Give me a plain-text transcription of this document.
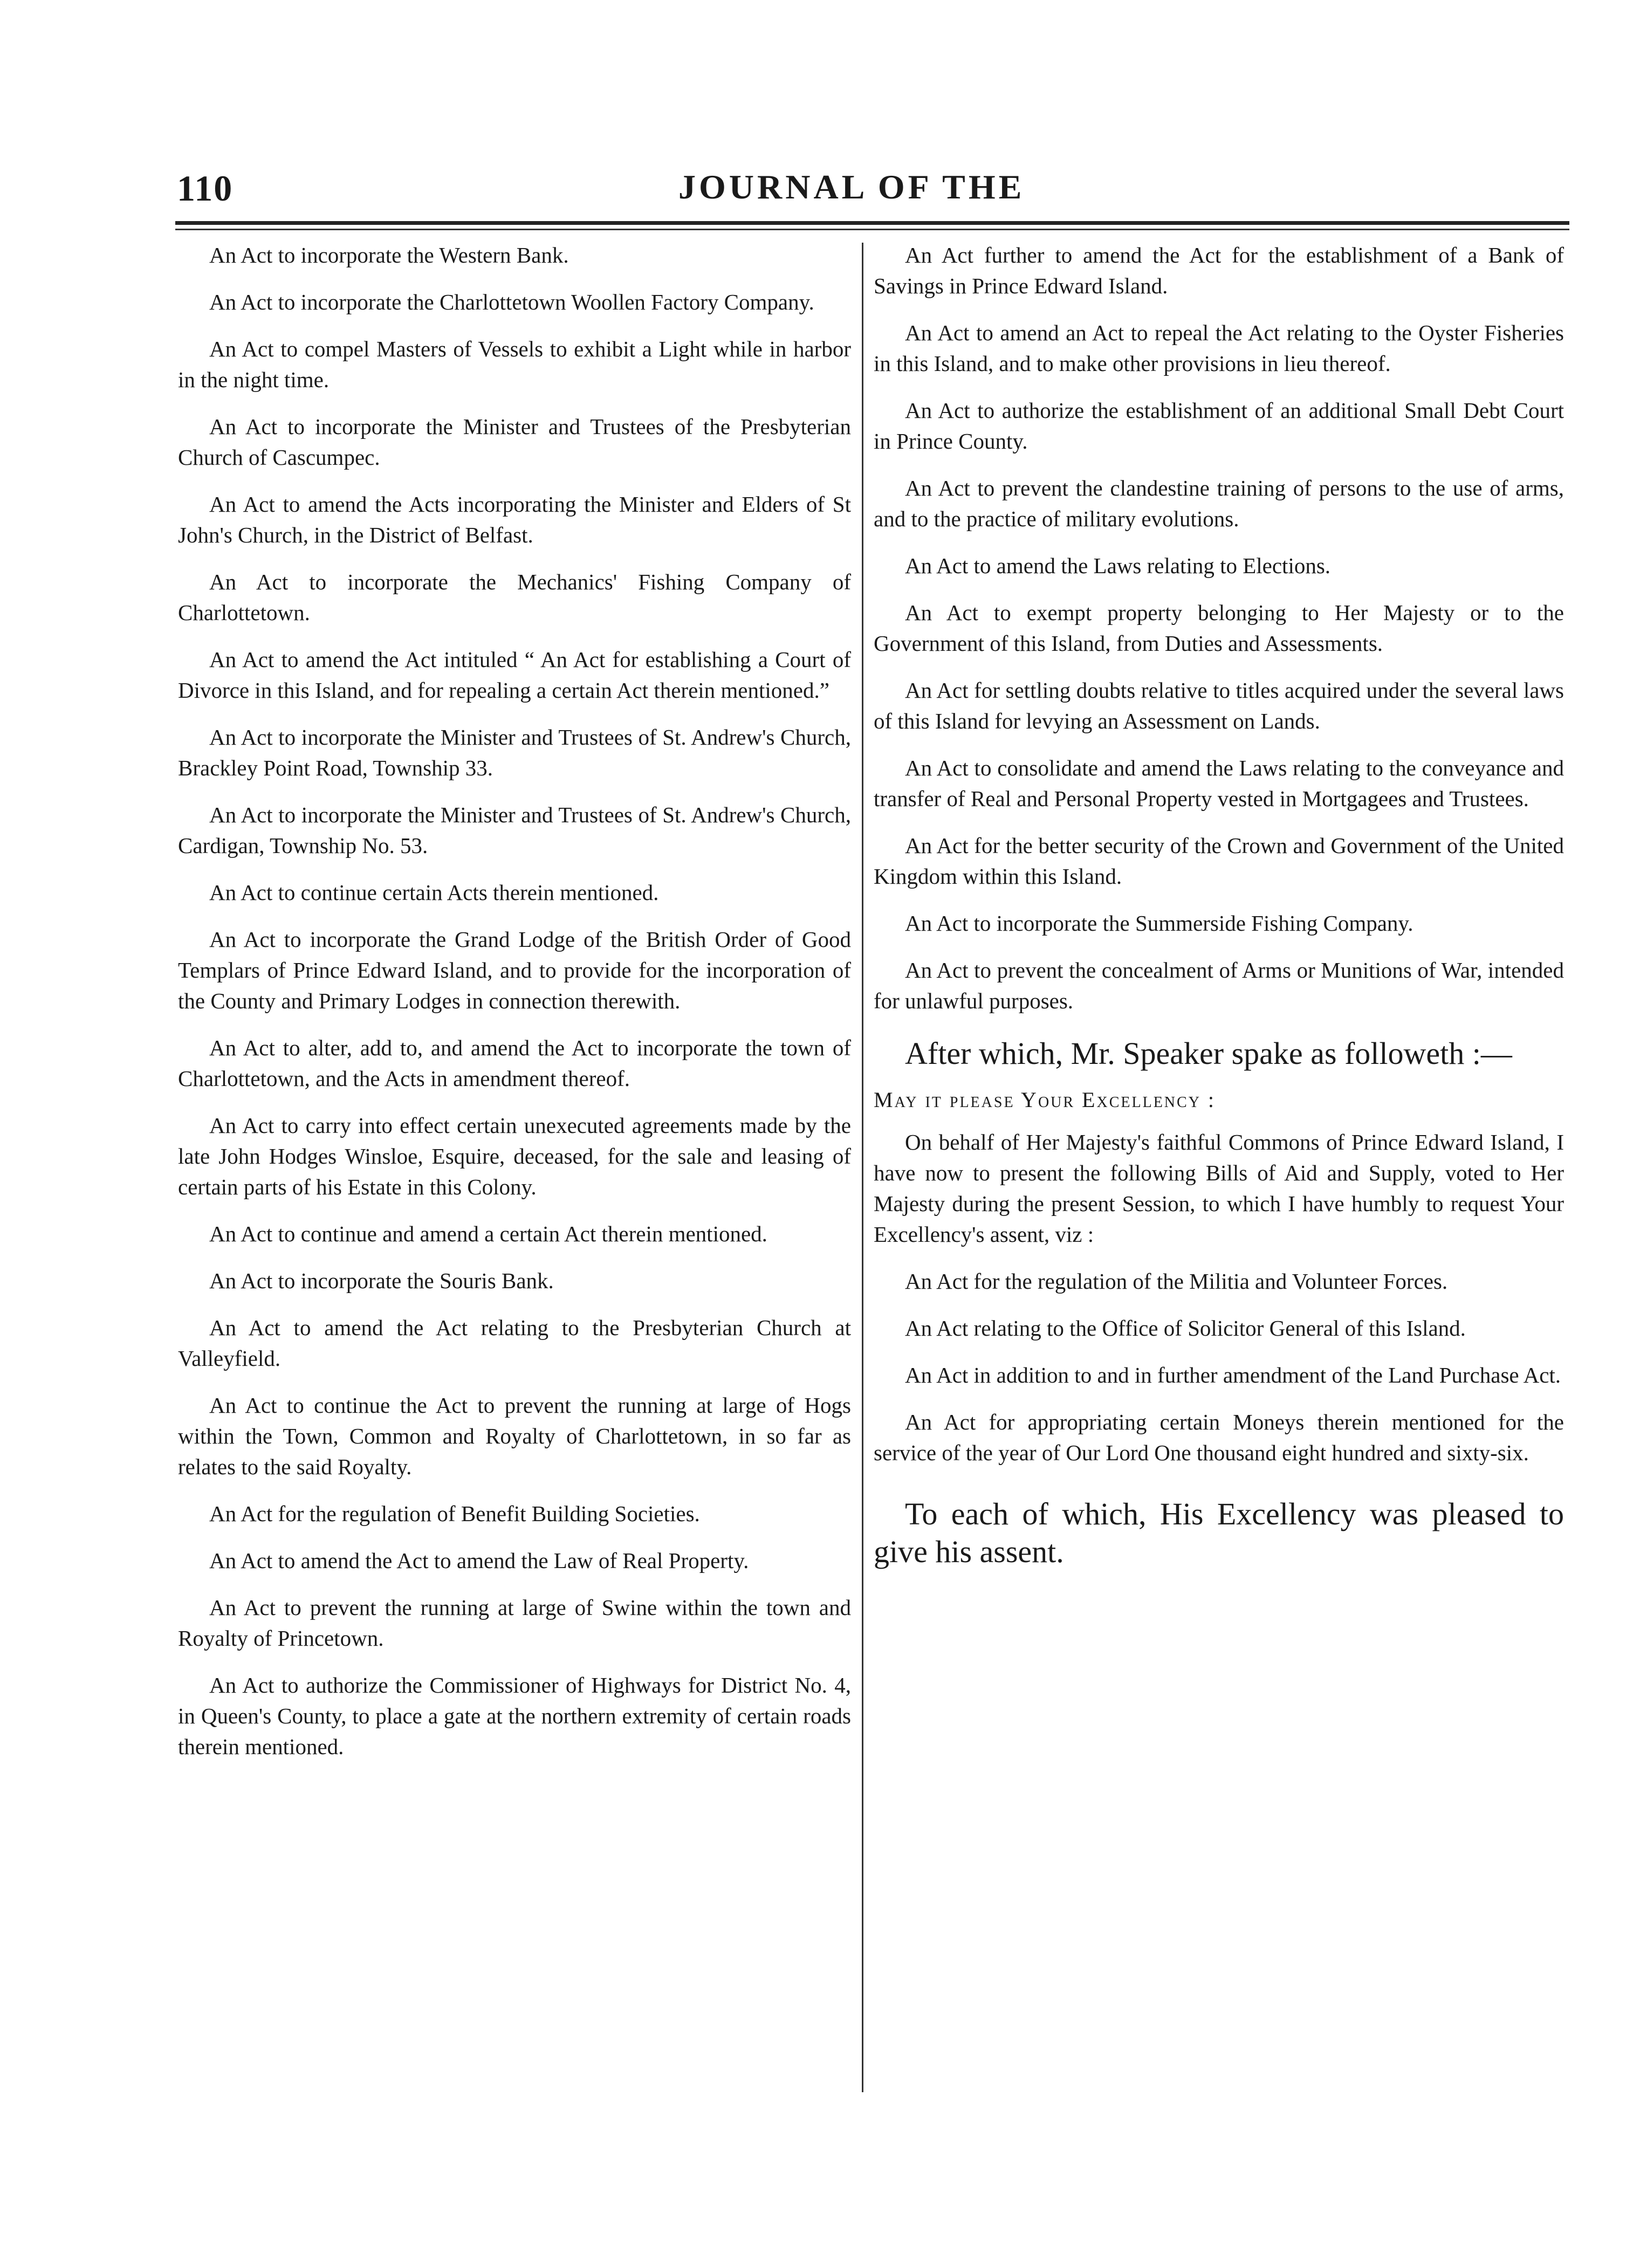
110	JOURNAL OF THE

An Act to incorporate the Western Bank.

An Act to incorporate the Charlottetown Woollen Factory Company.

An Act to compel Masters of Vessels to exhibit a Light while in harbor in the night time.

An Act to incorporate the Minister and Trustees of the Presbyterian Church of Cascumpec.

An Act to amend the Acts incorporating the Minister and Elders of St John's Church, in the District of Belfast.

An Act to incorporate the Mechanics' Fishing Company of Charlottetown.

An Act to amend the Act intituled “ An Act for establishing a Court of Divorce in this Island, and for repealing a certain Act therein mentioned.”

An Act to incorporate the Minister and Trustees of St. Andrew's Church, Brackley Point Road, Township 33.

An Act to incorporate the Minister and Trustees of St. Andrew's Church, Cardigan, Township No. 53.

An Act to continue certain Acts therein mentioned.

An Act to incorporate the Grand Lodge of the British Order of Good Templars of Prince Edward Island, and to provide for the incorporation of the County and Primary Lodges in connection therewith.

An Act to alter, add to, and amend the Act to incorporate the town of Charlottetown, and the Acts in amendment thereof.

An Act to carry into effect certain unexecuted agreements made by the late John Hodges Winsloe, Esquire, deceased, for the sale and leasing of certain parts of his Estate in this Colony.

An Act to continue and amend a certain Act therein mentioned.

An Act to incorporate the Souris Bank.

An Act to amend the Act relating to the Presbyterian Church at Valleyfield.

An Act to continue the Act to prevent the running at large of Hogs within the Town, Common and Royalty of Charlottetown, in so far as relates to the said Royalty.

An Act for the regulation of Benefit Building Societies.

An Act to amend the Act to amend the Law of Real Property.

An Act to prevent the running at large of Swine within the town and Royalty of Princetown.

An Act to authorize the Commissioner of Highways for District No. 4, in Queen's County, to place a gate at the northern extremity of certain roads therein mentioned.

An Act further to amend the Act for the establishment of a Bank of Savings in Prince Edward Island.

An Act to amend an Act to repeal the Act relating to the Oyster Fisheries in this Island, and to make other provisions in lieu thereof.

An Act to authorize the establishment of an additional Small Debt Court in Prince County.

An Act to prevent the clandestine training of persons to the use of arms, and to the practice of military evolutions.

An Act to amend the Laws relating to Elections.

An Act to exempt property belonging to Her Majesty or to the Government of this Island, from Duties and Assessments.

An Act for settling doubts relative to titles acquired under the several laws of this Island for levying an Assessment on Lands.

An Act to consolidate and amend the Laws relating to the conveyance and transfer of Real and Personal Property vested in Mortgagees and Trustees.

An Act for the better security of the Crown and Government of the United Kingdom within this Island.

An Act to incorporate the Summerside Fishing Company.

An Act to prevent the concealment of Arms or Munitions of War, intended for unlawful purposes.

After which, Mr. Speaker spake as followeth :—

May it please Your Excellency :

On behalf of Her Majesty's faithful Commons of Prince Edward Island, I have now to present the following Bills of Aid and Supply, voted to Her Majesty during the present Session, to which I have humbly to request Your Excellency's assent, viz :

An Act for the regulation of the Militia and Volunteer Forces.

An Act relating to the Office of Solicitor General of this Island.

An Act in addition to and in further amendment of the Land Purchase Act.

An Act for appropriating certain Moneys therein mentioned for the service of the year of Our Lord One thousand eight hundred and sixty-six.

To each of which, His Excellency was pleased to give his assent.
